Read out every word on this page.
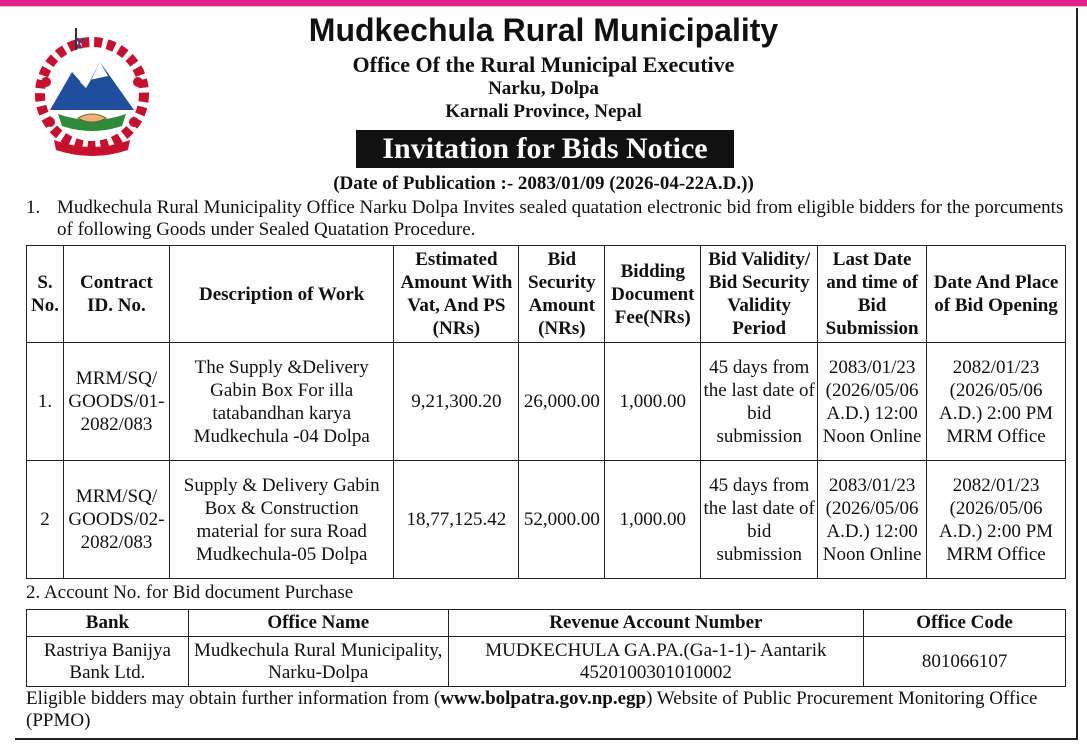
Mudkechula Rural Municipality
Office Of the Rural Municipal Executive
Narku, Dolpa
Karnali Province, Nepal
Invitation for Bids Notice
(Date of Publication :- 2083/01/09 (2026-04-22A.D.))
1. Mudkechula Rural Municipality Office Narku Dolpa Invites sealed quatation electronic bid from eligible bidders for the porcuments of following Goods under Sealed Quatation Procedure.
S. No.	Contract ID. No.	Description of Work	Estimated Amount With Vat, And PS (NRs)	Bid Security Amount (NRs)	Bidding Document Fee(NRs)	Bid Validity/ Bid Security Validity Period	Last Date and time of Bid Submission	Date And Place of Bid Opening
1.	MRM/SQ/ GOODS/01- 2082/083	The Supply &Delivery Gabin Box For illa tatabandhan karya Mudkechula -04 Dolpa	9,21,300.20	26,000.00	1,000.00	45 days from the last date of bid submission	2083/01/23 (2026/05/06 A.D.) 12:00 Noon Online	2082/01/23 (2026/05/06 A.D.) 2:00 PM MRM Office
2	MRM/SQ/ GOODS/02- 2082/083	Supply & Delivery Gabin Box & Construction material for sura Road Mudkechula-05 Dolpa	18,77,125.42	52,000.00	1,000.00	45 days from the last date of bid submission	2083/01/23 (2026/05/06 A.D.) 12:00 Noon Online	2082/01/23 (2026/05/06 A.D.) 2:00 PM MRM Office
2. Account No. for Bid document Purchase
Bank	Office Name	Revenue Account Number	Office Code
Rastriya Banijya Bank Ltd.	Mudkechula Rural Municipality, Narku-Dolpa	MUDKECHULA GA.PA.(Ga-1-1)- Aantarik 4520100301010002	801066107
Eligible bidders may obtain further information from (www.bolpatra.gov.np.egp) Website of Public Procurement Monitoring Office (PPMO)
